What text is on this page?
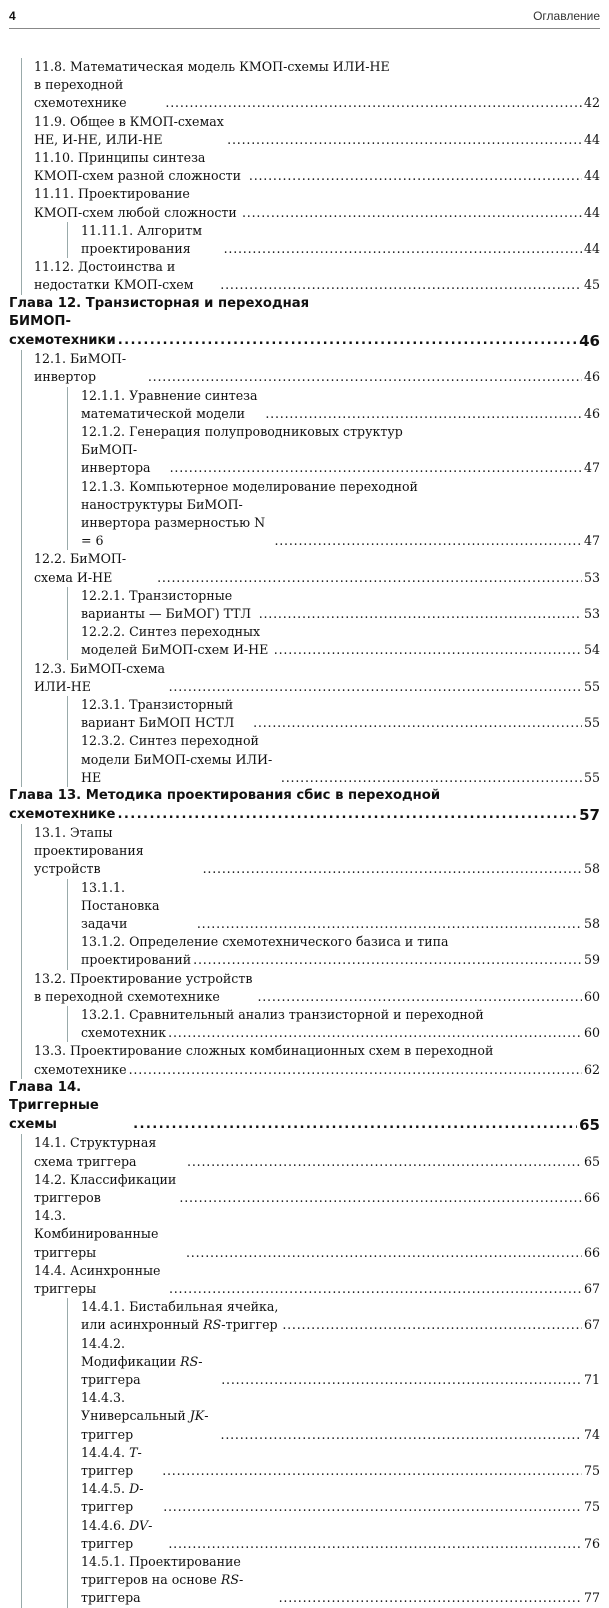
4	Оглавление
11.8. Математическая модель КМОП-схемы ИЛИ-НЕ
в переходной схемотехнике . . .	42
11.9. Общее в КМОП-схемах НЕ, И-НЕ, ИЛИ-НЕ . . .	44
11.10. Принципы синтеза КМОП-схем разной сложности . . .	44
11.11. Проектирование КМОП-схем любой сложности . . .	44
11.11.1. Алгоритм проектирования . . .	44
11.12. Достоинства и недостатки КМОП-схем . . .	45
Глава 12. Транзисторная и переходная
БИМОП-схемотехники . . .	46
12.1. БиМОП-инвертор . . .	46
12.1.1. Уравнение синтеза математической модели . . .	46
12.1.2. Генерация полупроводниковых структур
БиМОП-инвертора . . .	47
12.1.3. Компьютерное моделирование переходной
наноструктуры БиМОП-инвертора размерностью N = 6 . . .	47
12.2. БиМОП-схема И-НЕ . . .	53
12.2.1. Транзисторные варианты — БиМОГ) ТТЛ . . .	53
12.2.2. Синтез переходных моделей БиМОП-схем И-НЕ . . .	54
12.3. БиМОП-схема ИЛИ-НЕ . . .	55
12.3.1. Транзисторный вариант БиМОП НСТЛ . . .	55
12.3.2. Синтез переходной модели БиМОП-схемы ИЛИ-НЕ . . .	55
Глава 13. Методика проектирования сбис в переходной
схемотехнике . . .	57
13.1. Этапы проектирования устройств . . .	58
13.1.1. Постановка задачи . . .	58
13.1.2. Определение схемотехнического базиса и типа
проектирований . . .	59
13.2. Проектирование устройств в переходной схемотехнике . . .	60
13.2.1. Сравнительный анализ транзисторной и переходной
схемотехник . . .	60
13.3. Проектирование сложных комбинационных схем в переходной
схемотехнике . . .	62
Глава 14. Триггерные схемы . . .	65
14.1. Структурная схема триггера . . .	65
14.2. Классификации триггеров . . .	66
14.3. Комбинированные триггеры . . .	66
14.4. Асинхронные триггеры . . .	67
14.4.1. Бистабильная ячейка, или асинхронный RS-триггер . . .	67
14.4.2. Модификации RS-триггера . . .	71
14.4.3. Универсальный JK-триггер . . .	74
14.4.4. T-триггер . . .	75
14.4.5. D-триггер . . .	75
14.4.6. DV-триггер . . .	76
14.5.1. Проектирование триггеров на основе RS-триггера . . .	77
